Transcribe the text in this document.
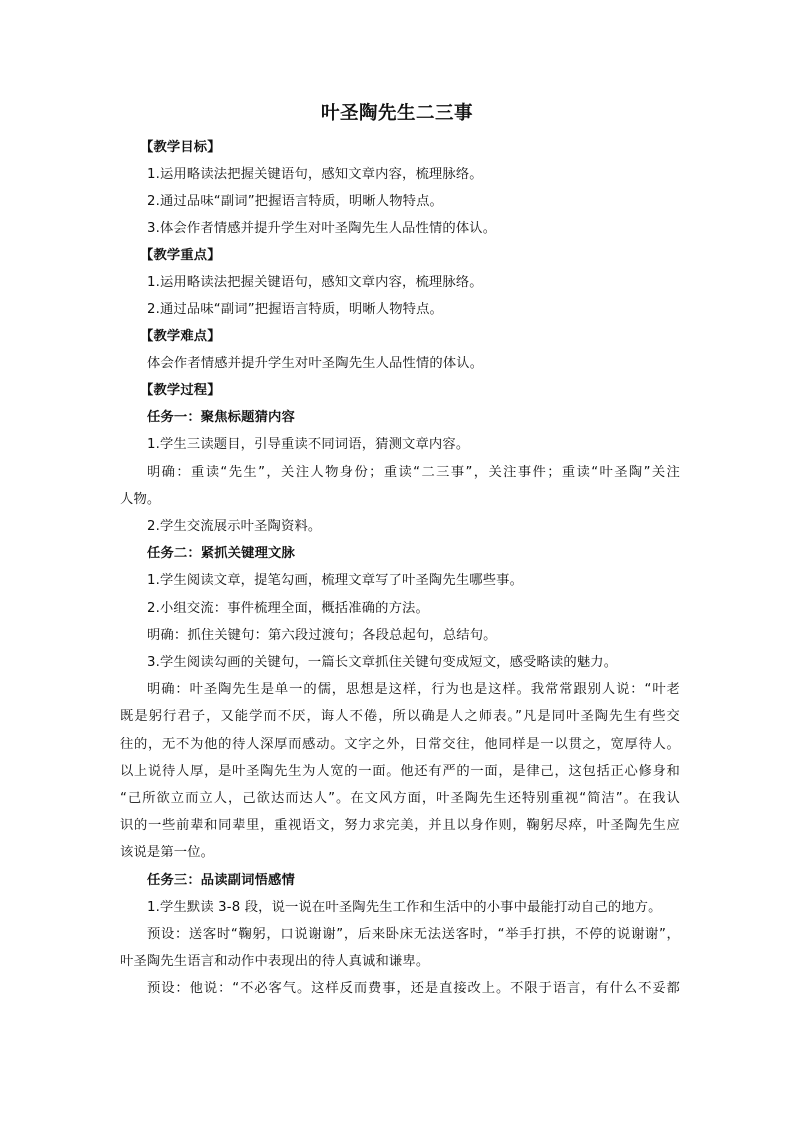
叶圣陶先生二三事
【教学目标】
1.运用略读法把握关键语句，感知文章内容，梳理脉络。
2.通过品味“副词”把握语言特质，明晰人物特点。
3.体会作者情感并提升学生对叶圣陶先生人品性情的体认。
【教学重点】
1.运用略读法把握关键语句，感知文章内容，梳理脉络。
2.通过品味“副词”把握语言特质，明晰人物特点。
【教学难点】
体会作者情感并提升学生对叶圣陶先生人品性情的体认。
【教学过程】
任务一：聚焦标题猜内容
1.学生三读题目，引导重读不同词语，猜测文章内容。
明确：重读“先生”，关注人物身份；重读“二三事”，关注事件；重读“叶圣陶”关注
人物。
2.学生交流展示叶圣陶资料。
任务二：紧抓关键理文脉
1.学生阅读文章，提笔勾画，梳理文章写了叶圣陶先生哪些事。
2.小组交流：事件梳理全面，概括准确的方法。
明确：抓住关键句：第六段过渡句；各段总起句，总结句。
3.学生阅读勾画的关键句，一篇长文章抓住关键句变成短文，感受略读的魅力。
明确：叶圣陶先生是单一的儒，思想是这样，行为也是这样。我常常跟别人说：“叶老
既是躬行君子，又能学而不厌，诲人不倦，所以确是人之师表。”凡是同叶圣陶先生有些交
往的，无不为他的待人深厚而感动。文字之外，日常交往，他同样是一以贯之，宽厚待人。
以上说待人厚，是叶圣陶先生为人宽的一面。他还有严的一面，是律己，这包括正心修身和
“己所欲立而立人，己欲达而达人”。在文风方面，叶圣陶先生还特别重视“简洁”。在我认
识的一些前辈和同辈里，重视语文，努力求完美，并且以身作则，鞠躬尽瘁，叶圣陶先生应
该说是第一位。
任务三：品读副词悟感情
1.学生默读 3-8 段，说一说在叶圣陶先生工作和生活中的小事中最能打动自己的地方。
预设：送客时“鞠躬，口说谢谢”，后来卧床无法送客时，“举手打拱，不停的说谢谢”，
叶圣陶先生语言和动作中表现出的待人真诚和谦卑。
预设：他说：“不必客气。这样反而费事，还是直接改上。不限于语言，有什么不妥都
